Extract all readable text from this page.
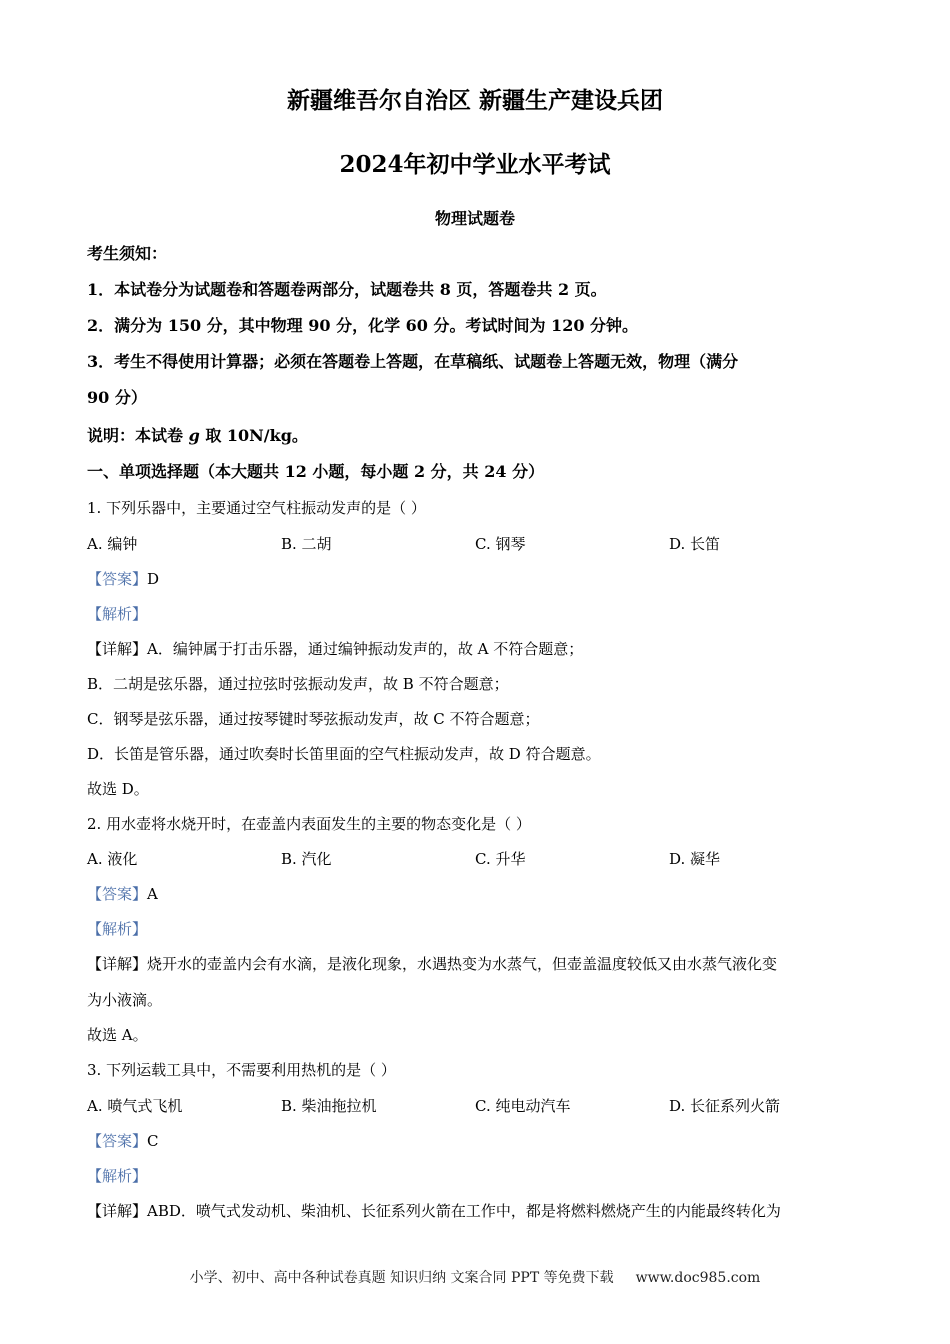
新疆维吾尔自治区 新疆生产建设兵团
2024年初中学业水平考试
物理试题卷
考生须知：
1．本试卷分为试题卷和答题卷两部分，试题卷共 8 页，答题卷共 2 页。
2．满分为 150 分，其中物理 90 分，化学 60 分。考试时间为 120 分钟。
3．考生不得使用计算器；必须在答题卷上答题，在草稿纸、试题卷上答题无效，物理（满分
90 分）
说明：本试卷 g 取 10N/kg。
一、单项选择题（本大题共 12 小题，每小题 2 分，共 24 分）
1. 下列乐器中，主要通过空气柱振动发声的是（ ）
A. 编钟	B. 二胡	C. 钢琴	D. 长笛
【答案】D
【解析】
【详解】A．编钟属于打击乐器，通过编钟振动发声的，故 A 不符合题意；
B．二胡是弦乐器，通过拉弦时弦振动发声，故 B 不符合题意；
C．钢琴是弦乐器，通过按琴键时琴弦振动发声，故 C 不符合题意；
D．长笛是管乐器，通过吹奏时长笛里面的空气柱振动发声，故 D 符合题意。
故选 D。
2. 用水壶将水烧开时，在壶盖内表面发生的主要的物态变化是（ ）
A. 液化	B. 汽化	C. 升华	D. 凝华
【答案】A
【解析】
【详解】烧开水的壶盖内会有水滴，是液化现象，水遇热变为水蒸气，但壶盖温度较低又由水蒸气液化变
为小液滴。
故选 A。
3. 下列运载工具中，不需要利用热机的是（ ）
A. 喷气式飞机	B. 柴油拖拉机	C. 纯电动汽车	D. 长征系列火箭
【答案】C
【解析】
【详解】ABD．喷气式发动机、柴油机、长征系列火箭在工作中，都是将燃料燃烧产生的内能最终转化为
小学、初中、高中各种试卷真题 知识归纳 文案合同 PPT 等免费下载 www.doc985.com
